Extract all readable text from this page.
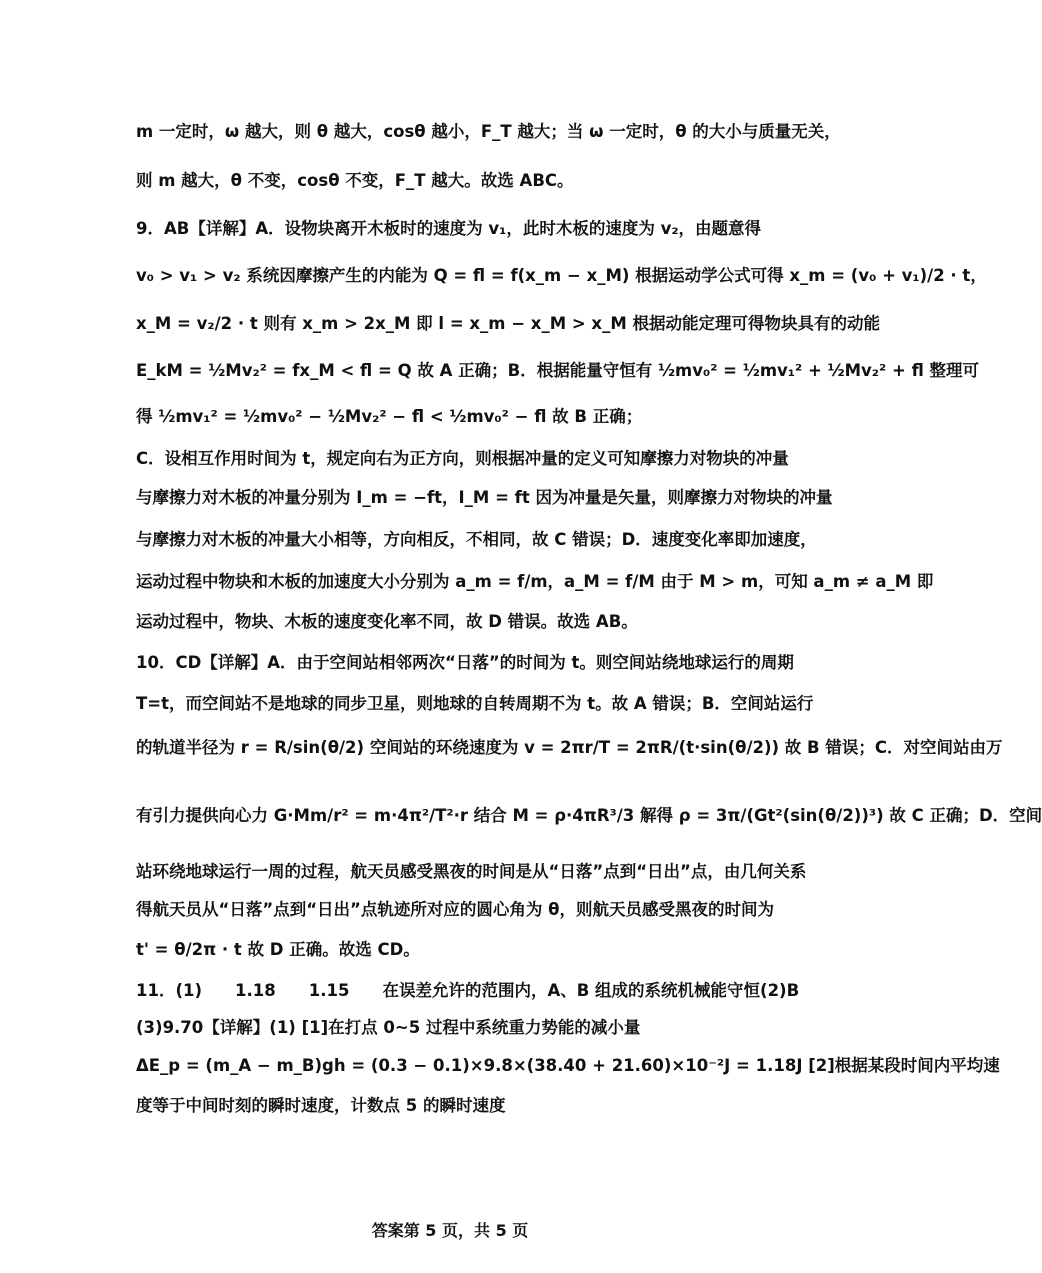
m 一定时，ω 越大，则 θ 越大，cosθ 越小，F_T 越大；当 ω 一定时，θ 的大小与质量无关，
则 m 越大，θ 不变，cosθ 不变，F_T 越大。故选 ABC。
9．AB【详解】A．设物块离开木板时的速度为 v₁，此时木板的速度为 v₂，由题意得
v₀ > v₁ > v₂ 系统因摩擦产生的内能为 Q = fl = f(x_m − x_M) 根据运动学公式可得 x_m = (v₀ + v₁)/2 · t，
x_M = v₂/2 · t 则有 x_m > 2x_M 即 l = x_m − x_M > x_M 根据动能定理可得物块具有的动能
E_kM = ½Mv₂² = fx_M < fl = Q 故 A 正确；B．根据能量守恒有 ½mv₀² = ½mv₁² + ½Mv₂² + fl 整理可
得 ½mv₁² = ½mv₀² − ½Mv₂² − fl < ½mv₀² − fl 故 B 正确；
C．设相互作用时间为 t，规定向右为正方向，则根据冲量的定义可知摩擦力对物块的冲量
与摩擦力对木板的冲量分别为 I_m = −ft，I_M = ft 因为冲量是矢量，则摩擦力对物块的冲量
与摩擦力对木板的冲量大小相等，方向相反，不相同，故 C 错误；D．速度变化率即加速度，
运动过程中物块和木板的加速度大小分别为 a_m = f/m，a_M = f/M 由于 M > m，可知 a_m ≠ a_M 即
运动过程中，物块、木板的速度变化率不同，故 D 错误。故选 AB。
10．CD【详解】A．由于空间站相邻两次“日落”的时间为 t。则空间站绕地球运行的周期
T=t，而空间站不是地球的同步卫星，则地球的自转周期不为 t。故 A 错误；B．空间站运行
的轨道半径为 r = R/sin(θ/2) 空间站的环绕速度为 v = 2πr/T = 2πR/(t·sin(θ/2)) 故 B 错误；C．对空间站由万
有引力提供向心力 G·Mm/r² = m·4π²/T²·r 结合 M = ρ·4πR³/3 解得 ρ = 3π/(Gt²(sin(θ/2))³) 故 C 正确；D．空间
站环绕地球运行一周的过程，航天员感受黑夜的时间是从“日落”点到“日出”点，由几何关系
得航天员从“日落”点到“日出”点轨迹所对应的圆心角为 θ，则航天员感受黑夜的时间为
t' = θ/2π · t 故 D 正确。故选 CD。
11．(1)　　1.18　　1.15　　在误差允许的范围内，A、B 组成的系统机械能守恒(2)B
(3)9.70【详解】(1) [1]在打点 0~5 过程中系统重力势能的减小量
ΔE_p = (m_A − m_B)gh = (0.3 − 0.1)×9.8×(38.40 + 21.60)×10⁻²J = 1.18J [2]根据某段时间内平均速
度等于中间时刻的瞬时速度，计数点 5 的瞬时速度
答案第 5 页，共 5 页
